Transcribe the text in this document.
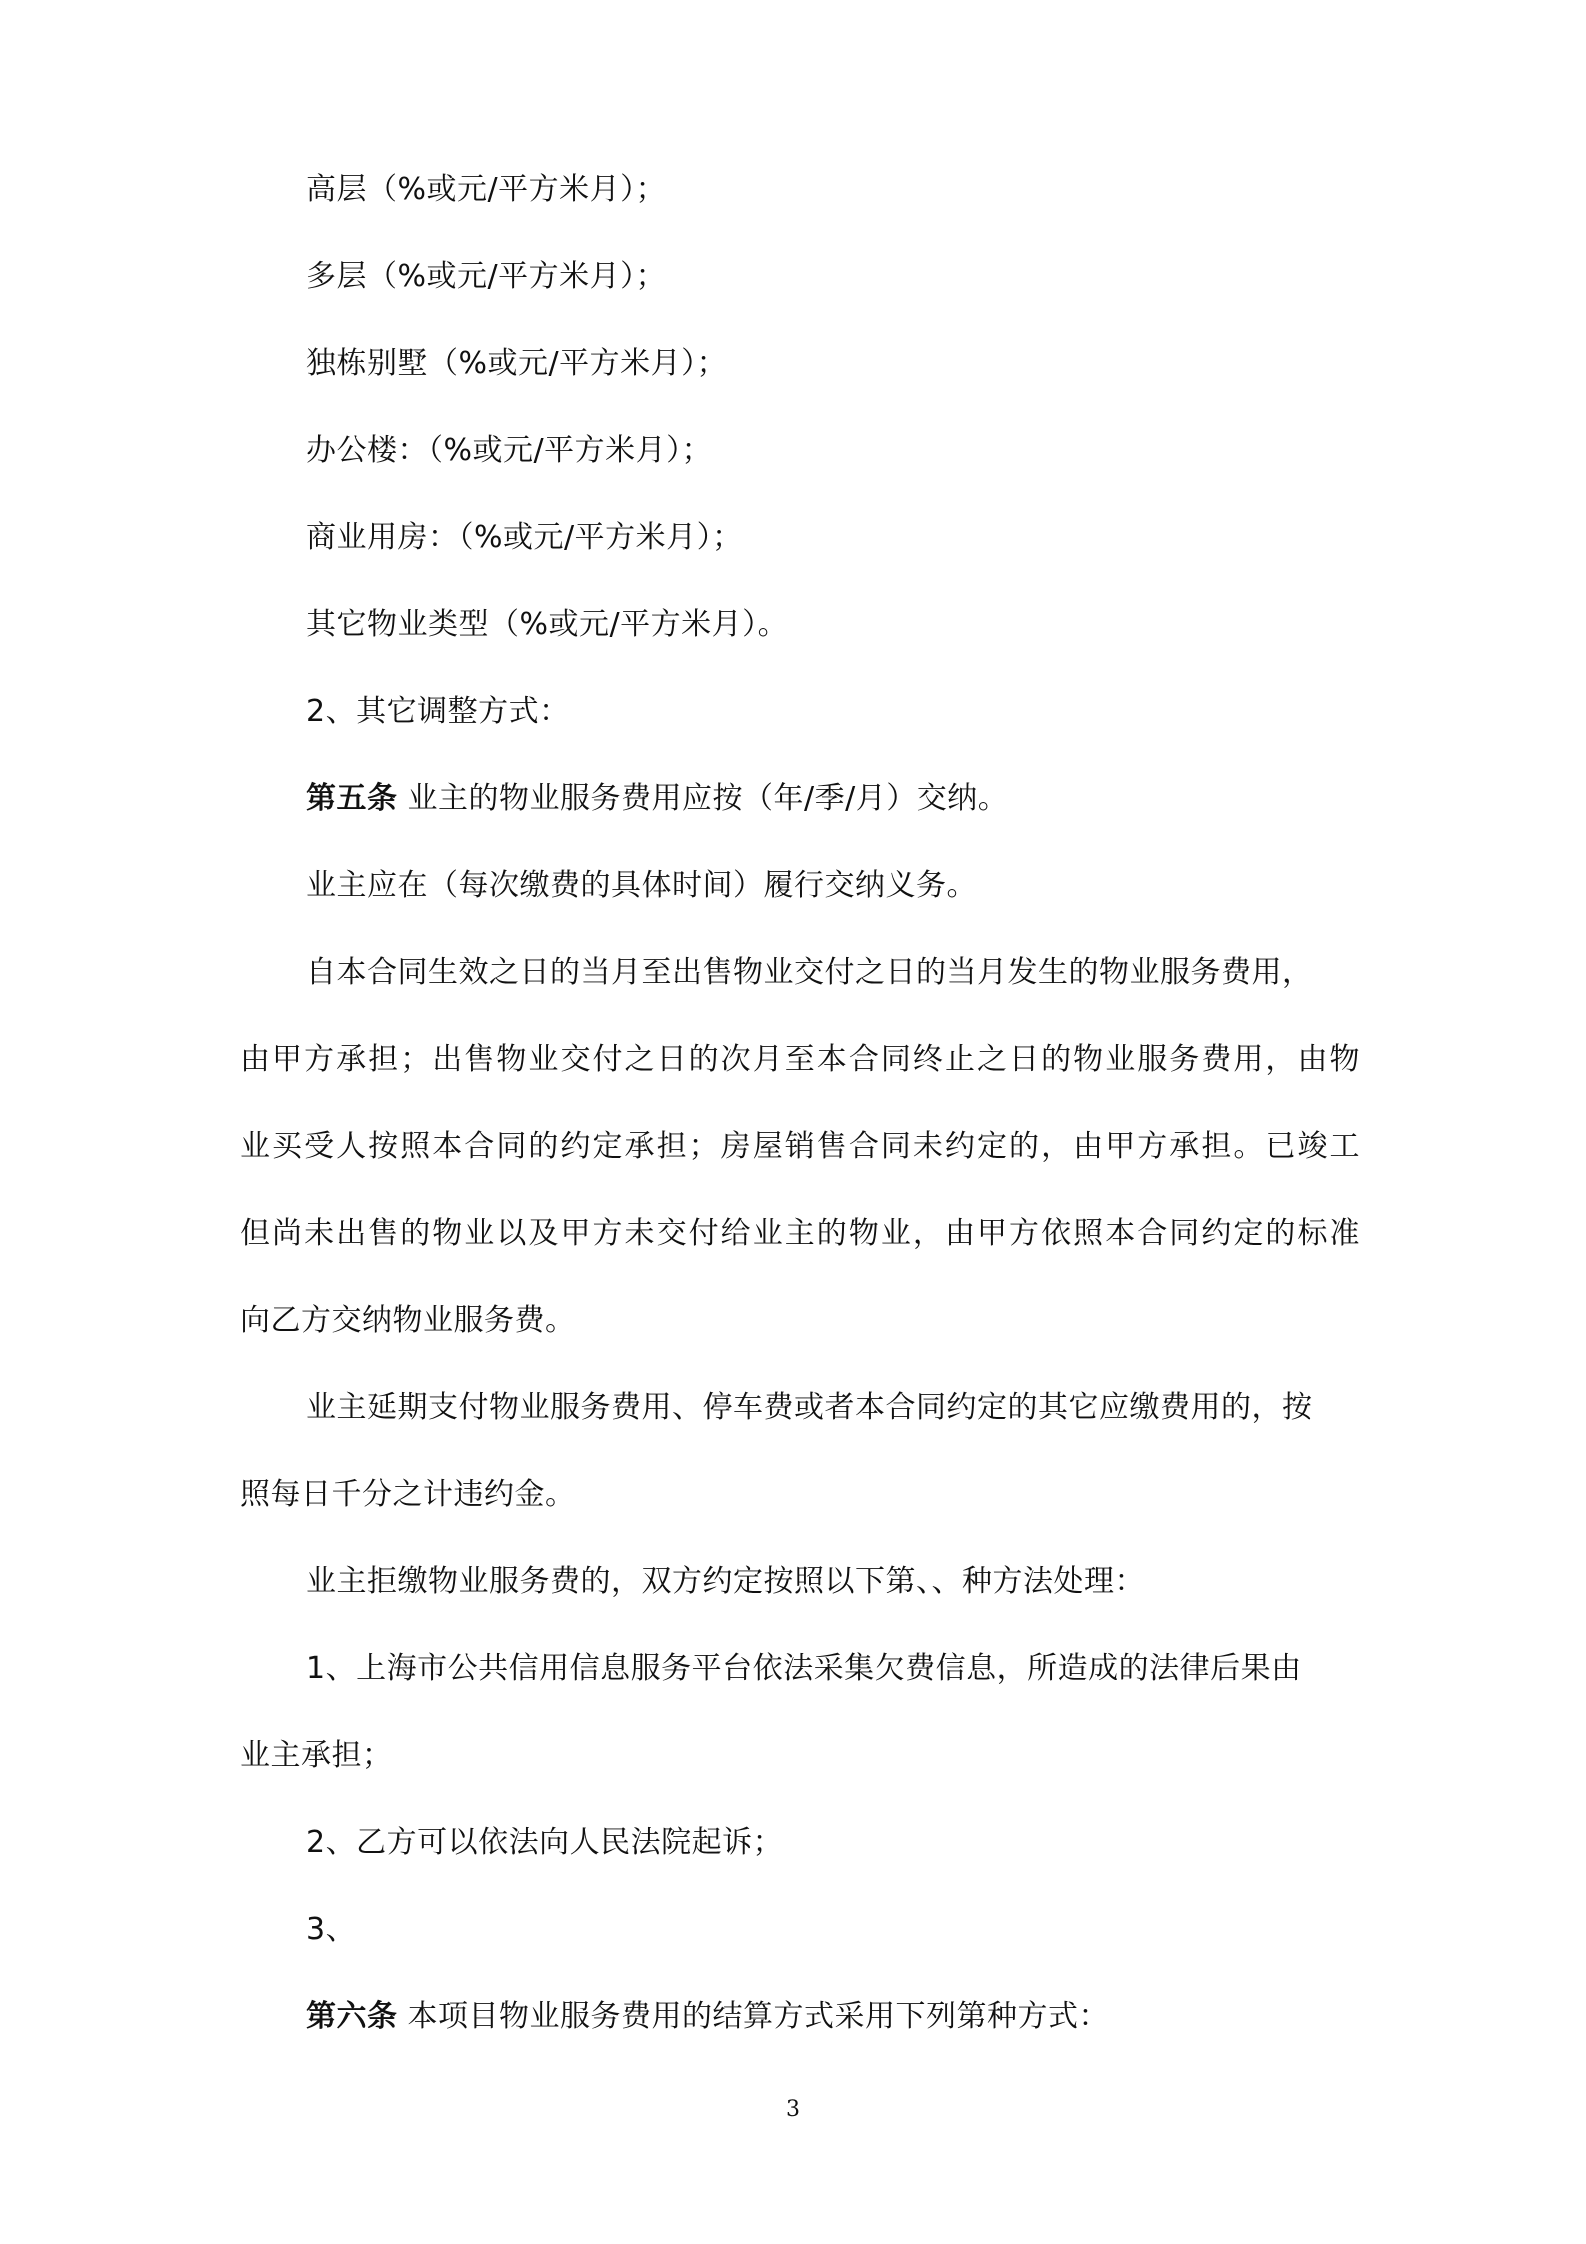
高层（%或元/平方米月）；
多层（%或元/平方米月）；
独栋别墅（%或元/平方米月）；
办公楼：（%或元/平方米月）；
商业用房：（%或元/平方米月）；
其它物业类型（%或元/平方米月）。
2、其它调整方式：
第五条 业主的物业服务费用应按（年/季/月）交纳。
业主应在（每次缴费的具体时间）履行交纳义务。
自本合同生效之日的当月至出售物业交付之日的当月发生的物业服务费用，
由甲方承担；出售物业交付之日的次月至本合同终止之日的物业服务费用，由物
业买受人按照本合同的约定承担；房屋销售合同未约定的，由甲方承担。已竣工
但尚未出售的物业以及甲方未交付给业主的物业，由甲方依照本合同约定的标准
向乙方交纳物业服务费。
业主延期支付物业服务费用、停车费或者本合同约定的其它应缴费用的，按
照每日千分之计违约金。
业主拒缴物业服务费的，双方约定按照以下第、、种方法处理：
1、上海市公共信用信息服务平台依法采集欠费信息，所造成的法律后果由
业主承担；
2、乙方可以依法向人民法院起诉；
3、
第六条 本项目物业服务费用的结算方式采用下列第种方式：
3
